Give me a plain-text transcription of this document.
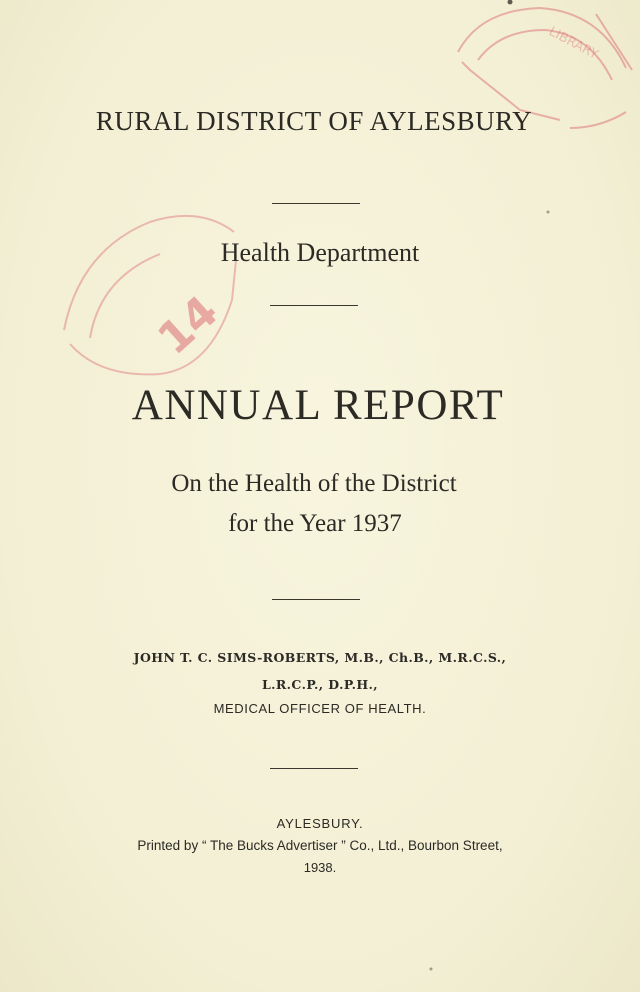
LIBRARY
14
RURAL DISTRICT OF AYLESBURY
Health Department
ANNUAL REPORT
On the Health of the District
for the Year 1937
JOHN T. C. SIMS-ROBERTS, M.B., Ch.B., M.R.C.S.,
L.R.C.P., D.P.H.,
MEDICAL OFFICER OF HEALTH.
AYLESBURY.
Printed by “ The Bucks Advertiser ” Co., Ltd., Bourbon Street,
1938.
